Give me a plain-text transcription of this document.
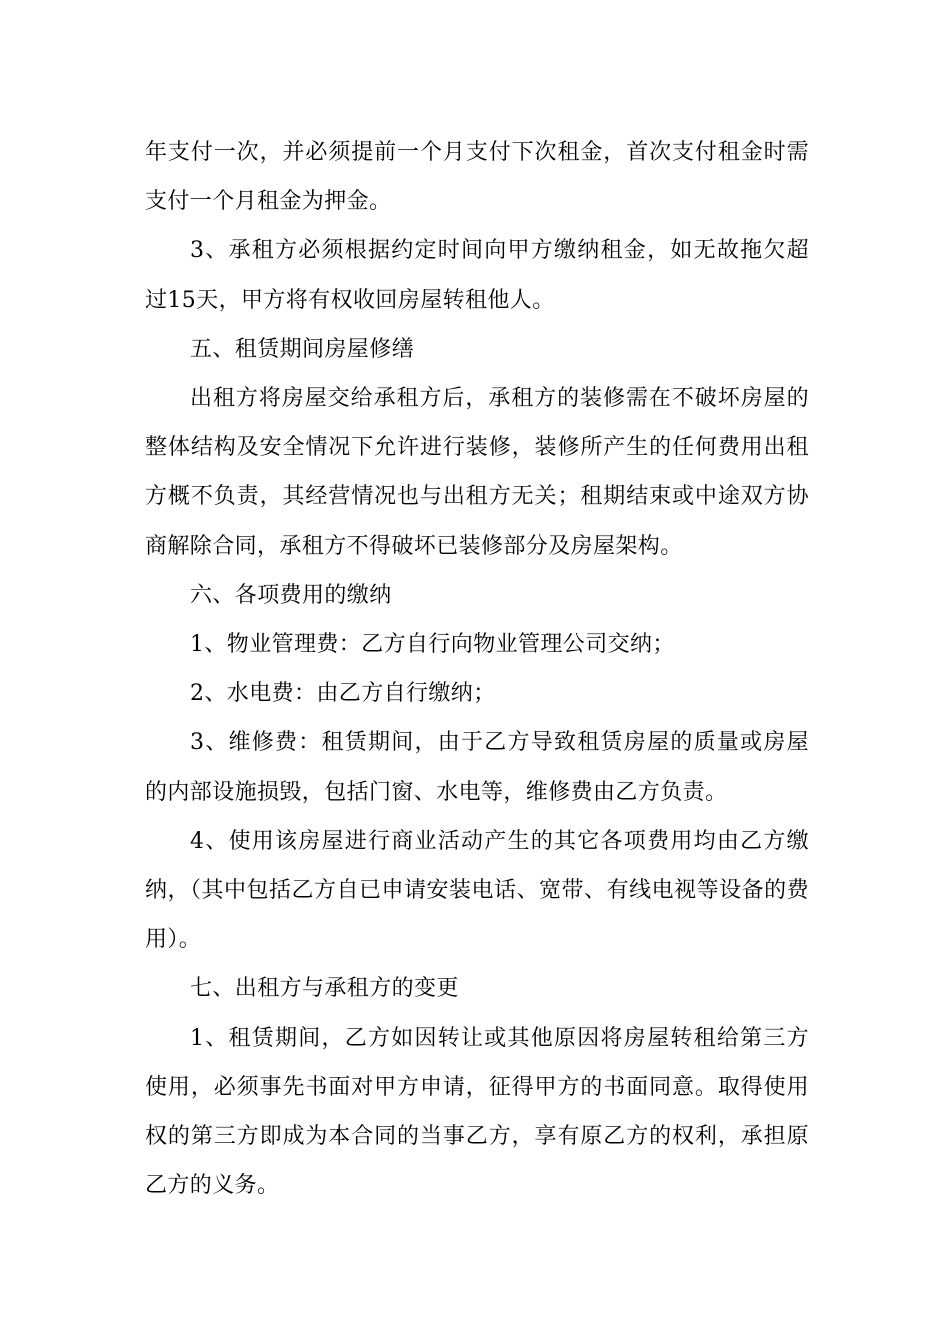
年支付一次，并必须提前一个月支付下次租金，首次支付租金时需支付一个月租金为押金。

3、承租方必须根据约定时间向甲方缴纳租金，如无故拖欠超过15天，甲方将有权收回房屋转租他人。

五、租赁期间房屋修缮

出租方将房屋交给承租方后，承租方的装修需在不破坏房屋的整体结构及安全情况下允许进行装修，装修所产生的任何费用出租方概不负责，其经营情况也与出租方无关；租期结束或中途双方协商解除合同，承租方不得破坏已装修部分及房屋架构。

六、各项费用的缴纳

1、物业管理费：乙方自行向物业管理公司交纳；

2、水电费：由乙方自行缴纳；

3、维修费：租赁期间，由于乙方导致租赁房屋的质量或房屋的内部设施损毁，包括门窗、水电等，维修费由乙方负责。

4、使用该房屋进行商业活动产生的其它各项费用均由乙方缴纳，（其中包括乙方自已申请安装电话、宽带、有线电视等设备的费用）。

七、出租方与承租方的变更

1、租赁期间，乙方如因转让或其他原因将房屋转租给第三方使用，必须事先书面对甲方申请，征得甲方的书面同意。取得使用权的第三方即成为本合同的当事乙方，享有原乙方的权利，承担原乙方的义务。
